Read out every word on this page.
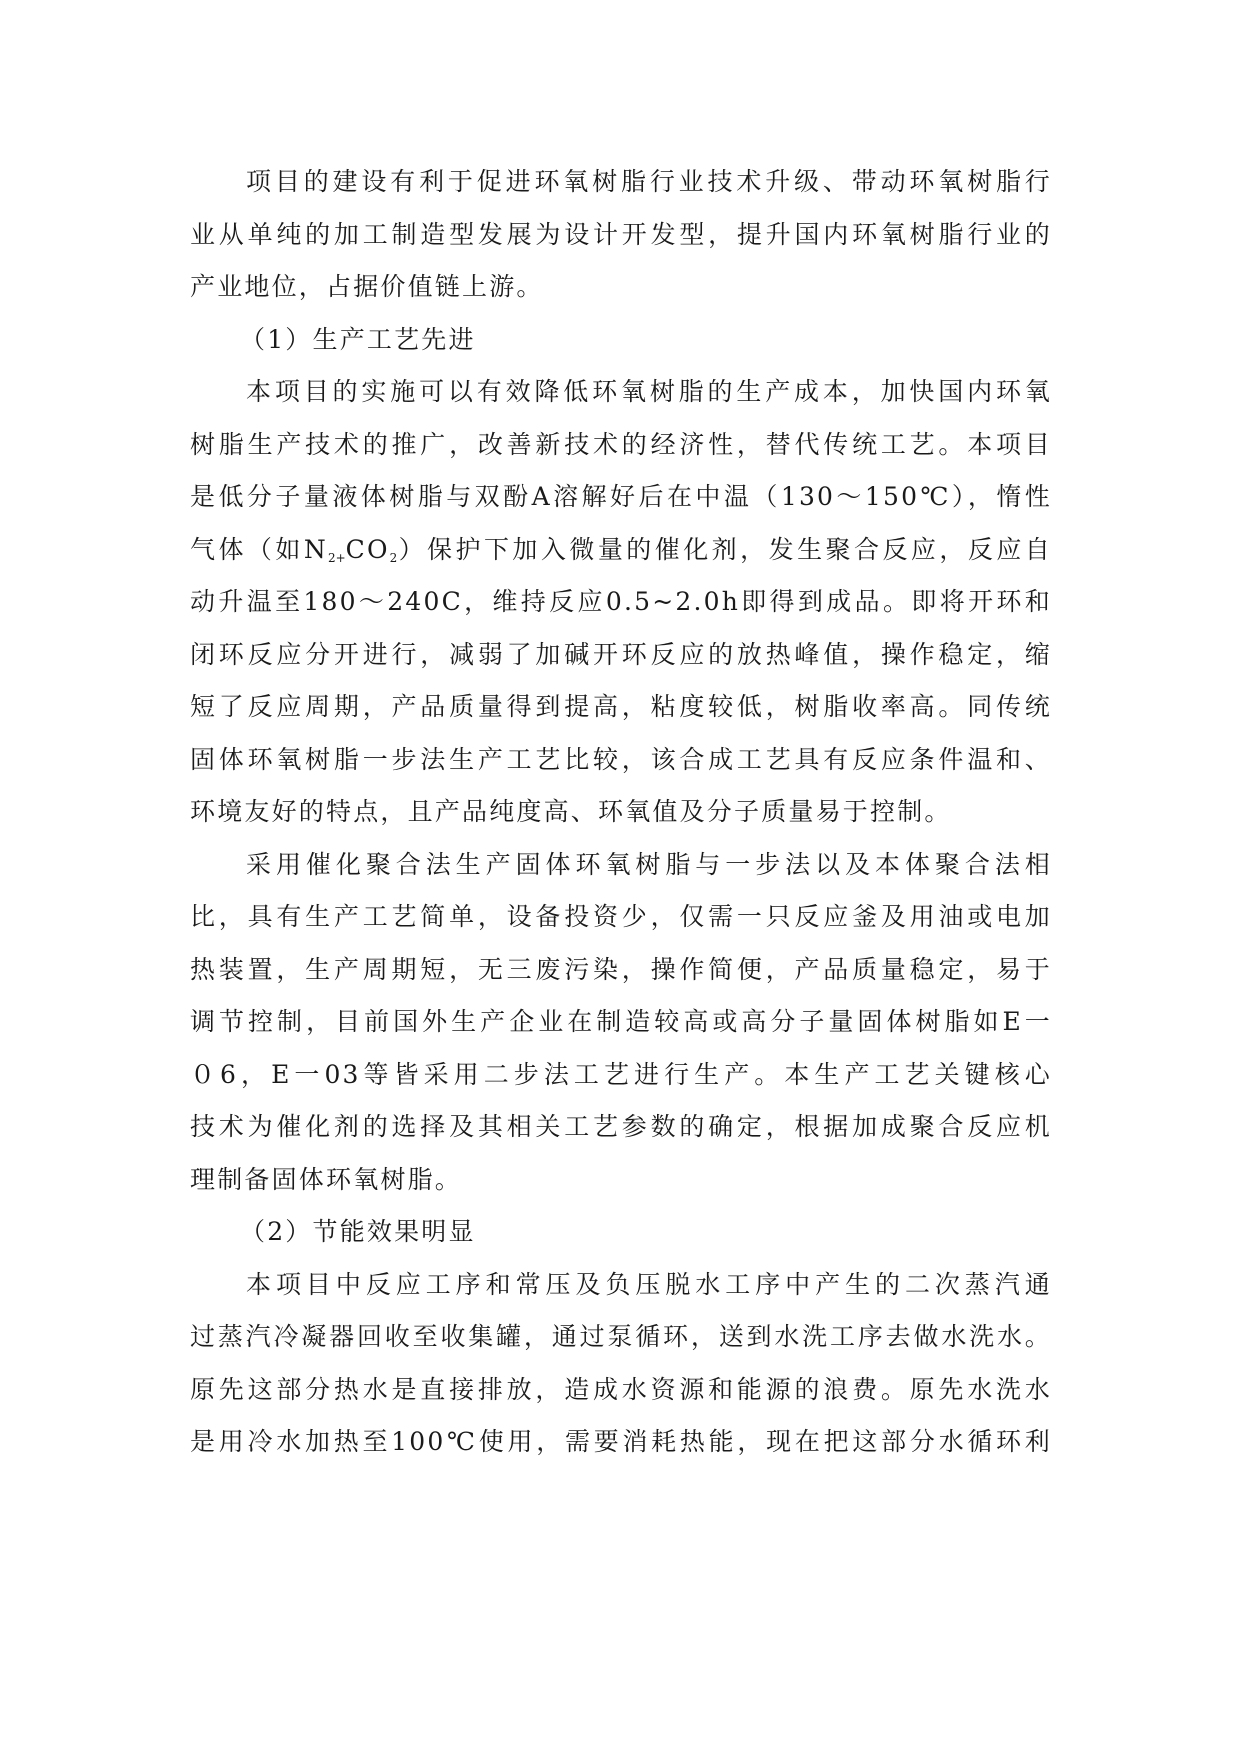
项目的建设有利于促进环氧树脂行业技术升级、带动环氧树脂行
业从单纯的加工制造型发展为设计开发型，提升国内环氧树脂行业的
产业地位，占据价值链上游。
（1）生产工艺先进
本项目的实施可以有效降低环氧树脂的生产成本，加快国内环氧
树脂生产技术的推广，改善新技术的经济性，替代传统工艺。本项目
是低分子量液体树脂与双酚A溶解好后在中温（130～150℃），惰性
气体（如$N_{2+}CO_2$）保护下加入微量的催化剂，发生聚合反应，反应自
动升温至180～240C，维持反应0.5~2.0h即得到成品。即将开环和
闭环反应分开进行，减弱了加碱开环反应的放热峰值，操作稳定，缩
短了反应周期，产品质量得到提高，粘度较低，树脂收率高。同传统
固体环氧树脂一步法生产工艺比较，该合成工艺具有反应条件温和、
环境友好的特点，且产品纯度高、环氧值及分子质量易于控制。
采用催化聚合法生产固体环氧树脂与一步法以及本体聚合法相
比，具有生产工艺简单，设备投资少，仅需一只反应釜及用油或电加
热装置，生产周期短，无三废污染，操作简便，产品质量稳定，易于
调节控制，目前国外生产企业在制造较高或高分子量固体树脂如E一
０6，E一03等皆采用二步法工艺进行生产。本生产工艺关键核心
技术为催化剂的选择及其相关工艺参数的确定，根据加成聚合反应机
理制备固体环氧树脂。
（2）节能效果明显
本项目中反应工序和常压及负压脱水工序中产生的二次蒸汽通
过蒸汽冷凝器回收至收集罐，通过泵循环，送到水洗工序去做水洗水。
原先这部分热水是直接排放，造成水资源和能源的浪费。原先水洗水
是用冷水加热至100℃使用，需要消耗热能，现在把这部分水循环利
